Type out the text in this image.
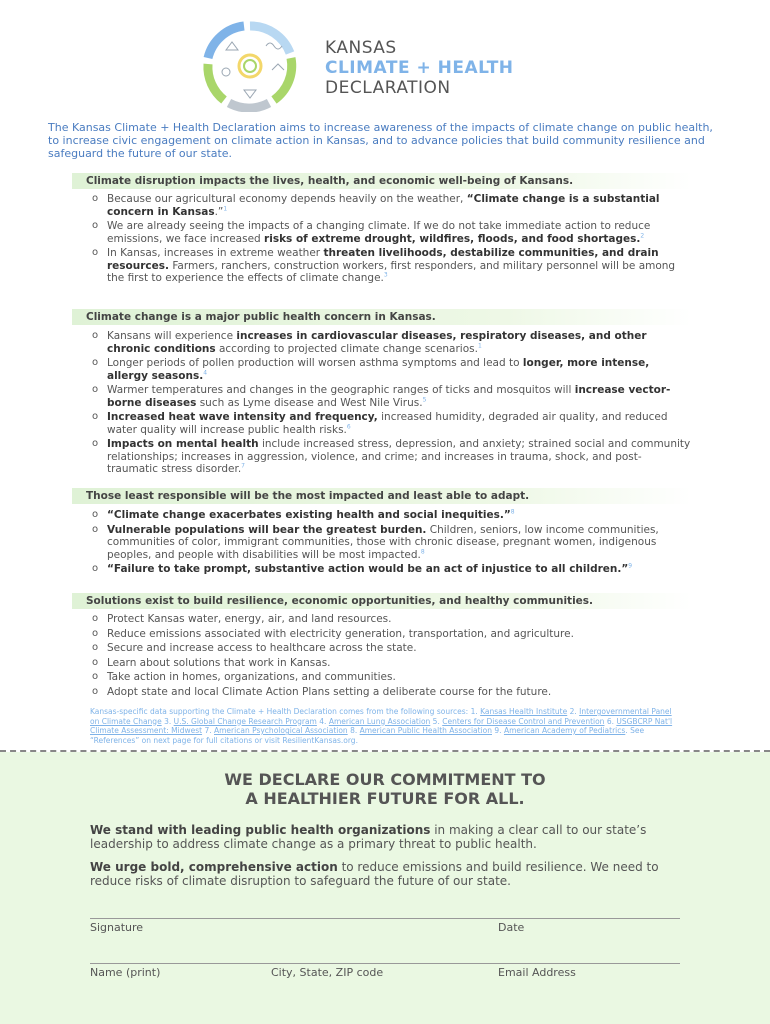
KANSAS
CLIMATE + HEALTH
DECLARATION
The Kansas Climate + Health Declaration aims to increase awareness of the impacts of climate change on public health, to increase civic engagement on climate action in Kansas, and to advance policies that build community resilience and safeguard the future of our state.
Climate disruption impacts the lives, health, and economic well-being of Kansans.
o Because our agricultural economy depends heavily on the weather, “Climate change is a substantial concern in Kansas.”$^1$
o We are already seeing the impacts of a changing climate. If we do not take immediate action to reduce emissions, we face increased risks of extreme drought, wildfires, floods, and food shortages.$^2$
o In Kansas, increases in extreme weather threaten livelihoods, destabilize communities, and drain resources. Farmers, ranchers, construction workers, first responders, and military personnel will be among the first to experience the effects of climate change.$^3$
Climate change is a major public health concern in Kansas.
o Kansans will experience increases in cardiovascular diseases, respiratory diseases, and other chronic conditions according to projected climate change scenarios.$^1$
o Longer periods of pollen production will worsen asthma symptoms and lead to longer, more intense, allergy seasons.$^4$
o Warmer temperatures and changes in the geographic ranges of ticks and mosquitos will increase vector-borne diseases such as Lyme disease and West Nile Virus.$^5$
o Increased heat wave intensity and frequency, increased humidity, degraded air quality, and reduced water quality will increase public health risks.$^6$
o Impacts on mental health include increased stress, depression, and anxiety; strained social and community relationships; increases in aggression, violence, and crime; and increases in trauma, shock, and post-traumatic stress disorder.$^7$
Those least responsible will be the most impacted and least able to adapt.
o “Climate change exacerbates existing health and social inequities.”$^8$
o Vulnerable populations will bear the greatest burden. Children, seniors, low income communities, communities of color, immigrant communities, those with chronic disease, pregnant women, indigenous peoples, and people with disabilities will be most impacted.$^8$
o “Failure to take prompt, substantive action would be an act of injustice to all children.”$^9$
Solutions exist to build resilience, economic opportunities, and healthy communities.
o Protect Kansas water, energy, air, and land resources.
o Reduce emissions associated with electricity generation, transportation, and agriculture.
o Secure and increase access to healthcare across the state.
o Learn about solutions that work in Kansas.
o Take action in homes, organizations, and communities.
o Adopt state and local Climate Action Plans setting a deliberate course for the future.
Kansas-specific data supporting the Climate + Health Declaration comes from the following sources: 1. Kansas Health Institute 2. Intergovernmental Panel on Climate Change 3. U.S. Global Change Research Program 4. American Lung Association 5. Centers for Disease Control and Prevention 6. USGBCRP Nat'l Climate Assessment: Midwest 7. American Psychological Association 8. American Public Health Association 9. American Academy of Pediatrics. See “References” on next page for full citations or visit ResilientKansas.org.
WE DECLARE OUR COMMITMENT TO
A HEALTHIER FUTURE FOR ALL.
We stand with leading public health organizations in making a clear call to our state’s leadership to address climate change as a primary threat to public health.
We urge bold, comprehensive action to reduce emissions and build resilience. We need to reduce risks of climate disruption to safeguard the future of our state.
Signature	Date
Name (print)	City, State, ZIP code	Email Address
